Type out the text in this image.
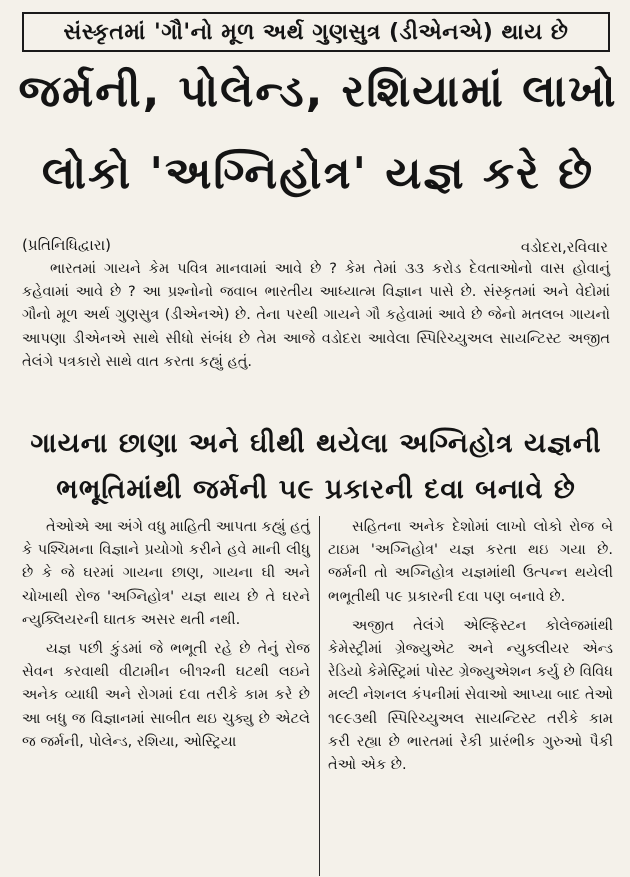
સંસ્કૃતમાં 'ગૌ'નો મૂળ અર્થ ગુણસુત્ર (ડીએનએ) થાય છે
જર્મની, પોલેન્ડ, રશિયામાં લાખો
લોકો 'અગ્નિહોત્ર' યજ્ઞ કરે છે
(પ્રતિનિધિદ્વારા)	વડોદરા,રવિવાર

ભારતમાં ગાયને કેમ પવિત્ર માનવામાં આવે છે ? કેમ તેમાં ૩૩ કરોડ દેવતાઓનો વાસ હોવાનું કહેવામાં આવે છે ? આ પ્રશ્નોનો જવાબ ભારતીય આધ્યાત્મ વિજ્ઞાન પાસે છે. સંસ્કૃતમાં અને વેદોમાં ગૌનો મૂળ અર્થ ગુણસુત્ર (ડીએનએ) છે. તેના પરથી ગાયને ગૌ કહેવામાં આવે છે જેનો મતલબ ગાયનો આપણા ડીએનએ સાથે સીધો સંબંધ છે તેમ આજે વડોદરા આવેલા સ્પિરિચ્યુઅલ સાયન્ટિસ્ટ અજીત તેલંગે પત્રકારો સાથે વાત કરતા કહ્યું હતું.

ગાયના છાણા અને ઘીથી થયેલા અગ્નિહોત્ર યજ્ઞની
ભભૂતિમાંથી જર્મની ૫૯ પ્રકારની દવા બનાવે છે

તેઓએ આ અંગે વધુ માહિતી આપતા કહ્યું હતું કે પશ્ચિમના વિજ્ઞાને પ્રયોગો કરીને હવે માની લીધુ છે કે જે ઘરમાં ગાયના છાણ, ગાયના ઘી અને ચોખાથી રોજ 'અગ્નિહોત્ર' યજ્ઞ થાય છે તે ઘરને ન્યુક્લિયરની ઘાતક અસર થતી નથી.

યજ્ઞ પછી કુંડમાં જે ભભૂતી રહે છે તેનું રોજ સેવન કરવાથી વીટામીન બી૧૨ની ઘટથી લઇને અનેક વ્યાધી અને રોગમાં દવા તરીકે કામ કરે છે આ બધુ જ વિજ્ઞાનમાં સાબીત થઇ ચુક્યુ છે એટલે જ જર્મની, પોલેન્ડ, રશિયા, ઓસ્ટ્રિયા

સહિતના અનેક દેશોમાં લાખો લોકો રોજ બે ટાઇમ 'અગ્નિહોત્ર' યજ્ઞ કરતા થઇ ગયા છે. જર્મની તો અગ્નિહોત્ર યજ્ઞમાંથી ઉત્પન્ન થયેલી ભભૂતીથી ૫૯ પ્રકારની દવા પણ બનાવે છે.

અજીત તેલંગે એલ્ફિસ્ટન કોલેજમાંથી કેમેસ્ટ્રીમાં ગ્રેજ્યુએટ અને ન્યુક્લીયર એન્ડ રેડિયો કેમેસ્ટ્રિમાં પોસ્ટ ગ્રેજ્યુએશન કર્યુ છે વિવિધ મલ્ટી નેશનલ કંપનીમાં સેવાઓ આપ્યા બાદ તેઓ ૧૯૯૩થી સ્પિરિચ્યુઅલ સાયન્ટિસ્ટ તરીકે કામ કરી રહ્યા છે ભારતમાં રેકી પ્રારંભીક ગુરુઓ પૈકી તેઓ એક છે.
